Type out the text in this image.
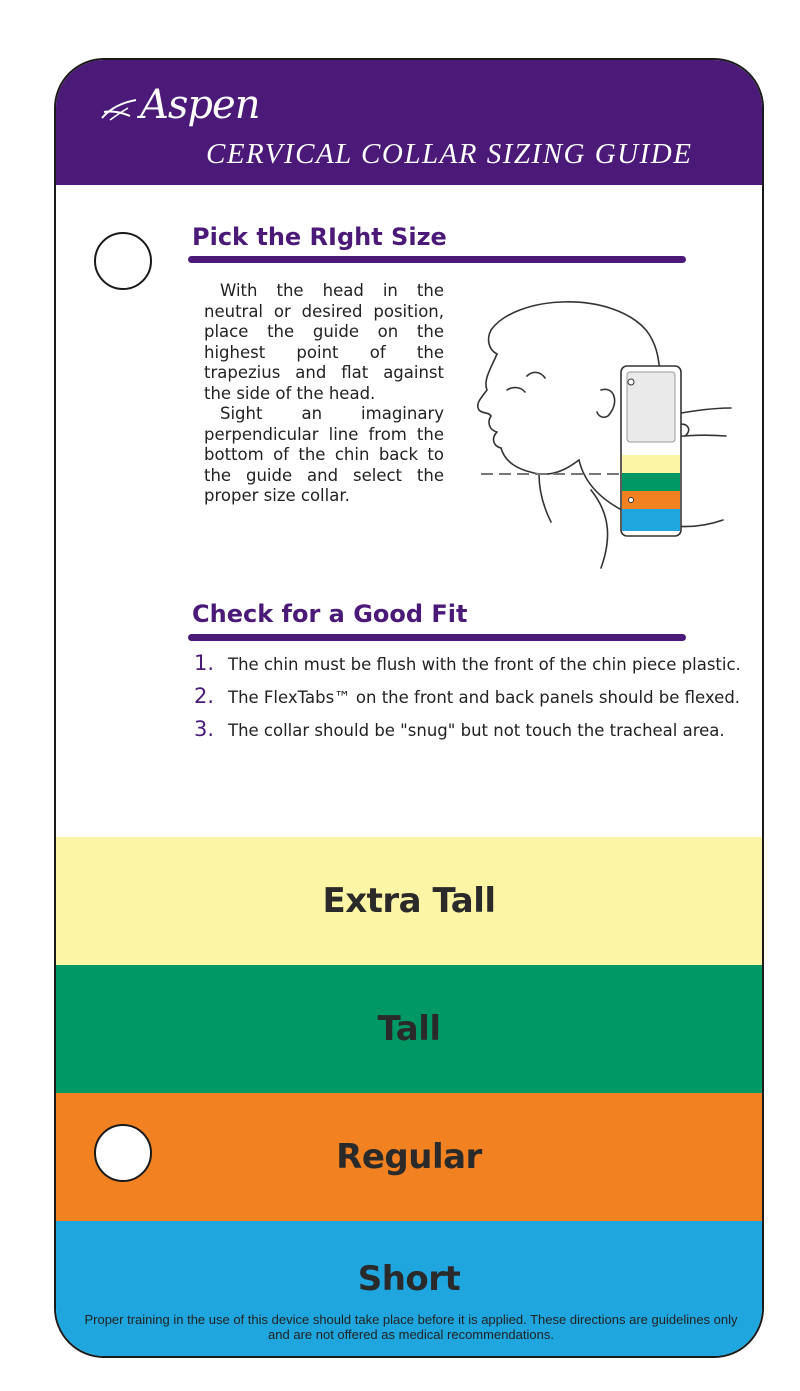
Aspen
CERVICAL COLLAR SIZING GUIDE
Pick the RIght Size

With the head in the neutral or desired position, place the guide on the highest point of the trapezius and flat against the side of the head.

Sight an imaginary perpendicular line from the bottom of the chin back to the guide and select the proper size collar.

Check for a Good Fit
1. The chin must be flush with the front of the chin piece plastic.
2. The FlexTabs™ on the front and back panels should be flexed.
3. The collar should be "snug" but not touch the tracheal area.
Extra Tall
Tall
Regular
Short
Proper training in the use of this device should take place before it is applied. These directions are guidelines only and are not offered as medical recommendations.
